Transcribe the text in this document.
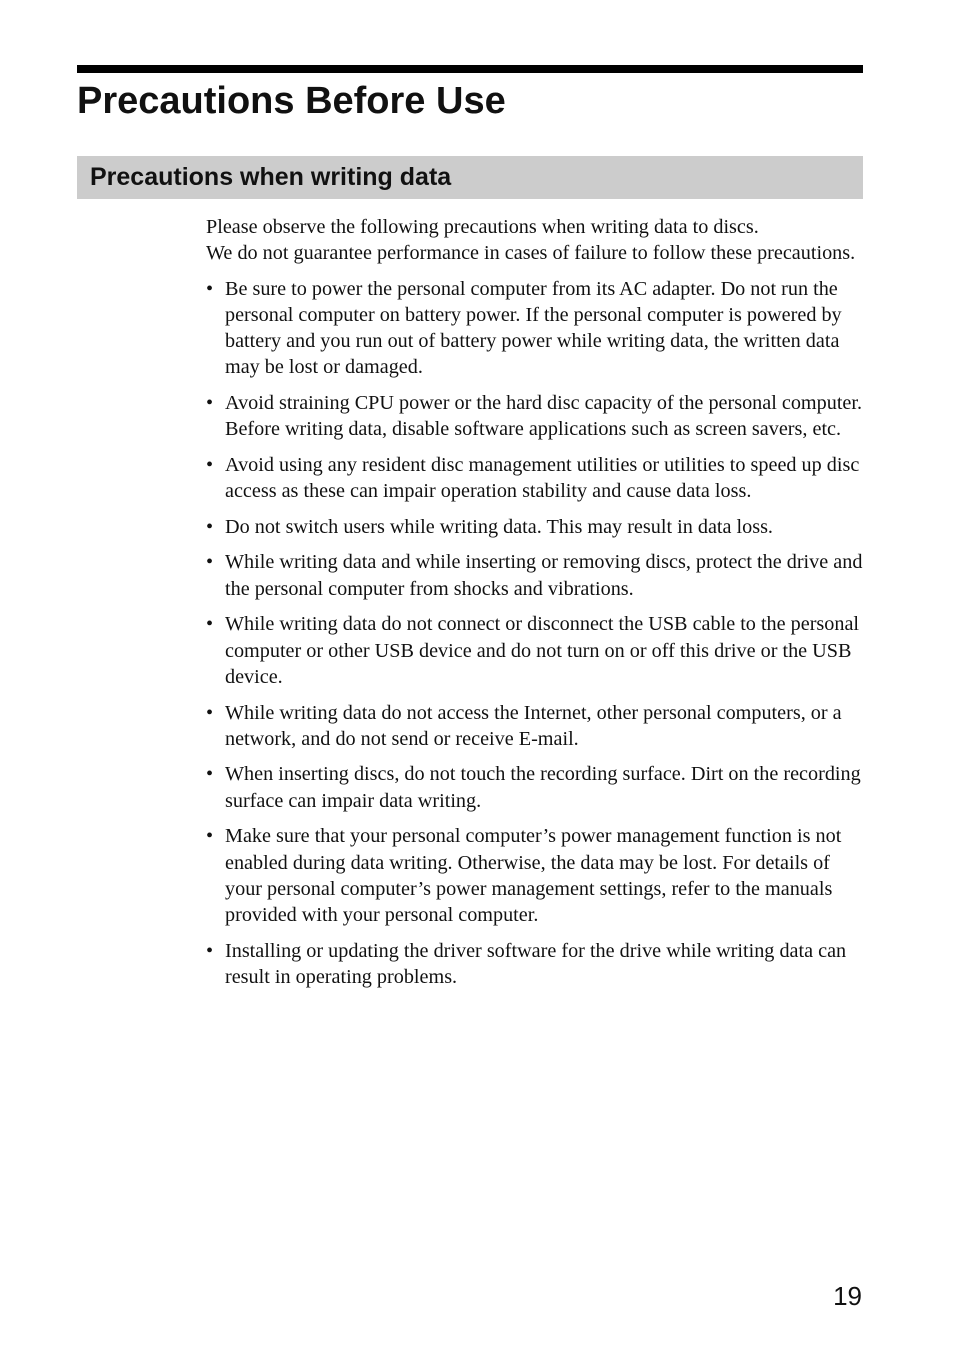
Precautions Before Use
Precautions when writing data

Please observe the following precautions when writing data to discs.

We do not guarantee performance in cases of failure to follow these precautions.

• Be sure to power the personal computer from its AC adapter. Do not run the personal computer on battery power. If the personal computer is powered by battery and you run out of battery power while writing data, the written data may be lost or damaged.
• Avoid straining CPU power or the hard disc capacity of the personal computer. Before writing data, disable software applications such as screen savers, etc.
• Avoid using any resident disc management utilities or utilities to speed up disc access as these can impair operation stability and cause data loss.
• Do not switch users while writing data. This may result in data loss.
• While writing data and while inserting or removing discs, protect the drive and the personal computer from shocks and vibrations.
• While writing data do not connect or disconnect the USB cable to the personal computer or other USB device and do not turn on or off this drive or the USB device.
• While writing data do not access the Internet, other personal computers, or a network, and do not send or receive E-mail.
• When inserting discs, do not touch the recording surface. Dirt on the recording surface can impair data writing.
• Make sure that your personal computer’s power management function is not enabled during data writing. Otherwise, the data may be lost. For details of your personal computer’s power management settings, refer to the manuals provided with your personal computer.
• Installing or updating the driver software for the drive while writing data can result in operating problems.
19
